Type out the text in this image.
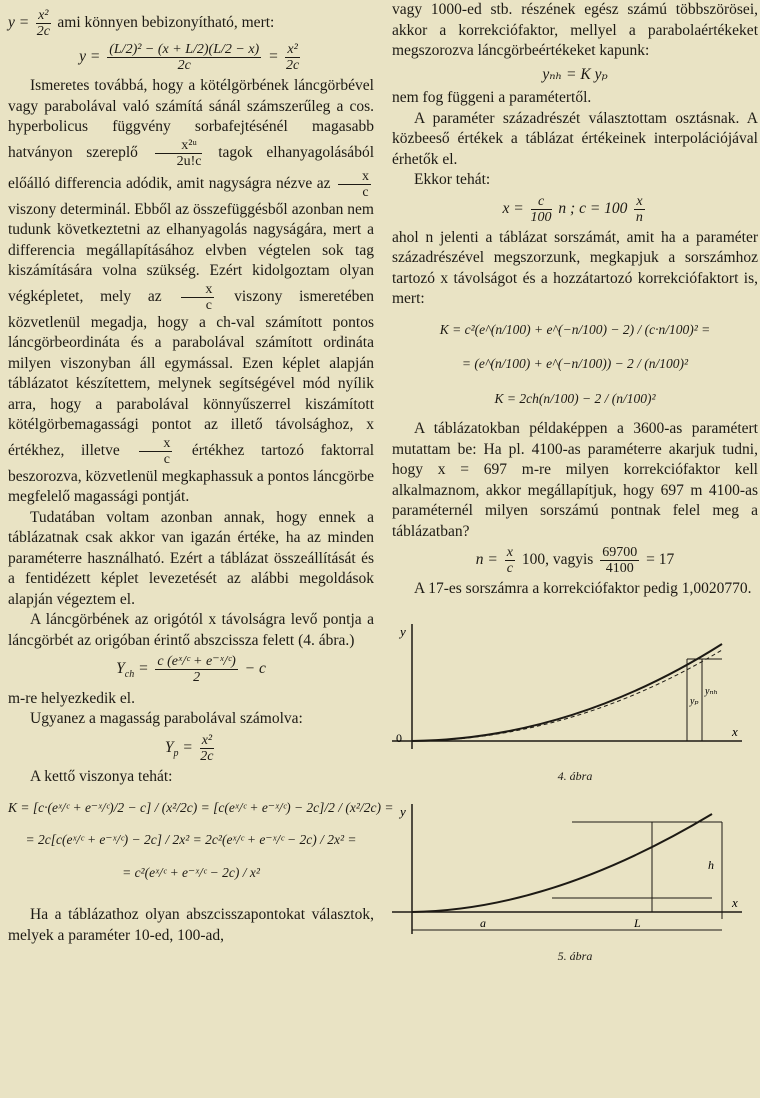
$y = \frac{\text{x²}}{2c}$ ami könnyen bebizonyítható, mert:

$y = \frac{\text{(L/2)² − (x + L/2)(L/2 − x)}}{2c} = \frac{\text{x²}}{2c}$

Ismeretes továbbá, hogy a kötélgörbének láncgörbével vagy parabolával való számítá sánál számszerűleg a cos. hyperbolicus függvény sorbafejtésénél magasabb hatványon szereplő $\frac{\text{x²ᵘ}}{2u!c}$ tagok elhanyagolásából előálló differencia adódik, amit nagyságra nézve az $\frac{x}{c}$
viszony determinál. Ebből az összefüggésből azonban nem tudunk következtetni az elhanyagolás nagyságára, mert a differencia megállapításához elvben végtelen sok tag kiszámítására volna szükség. Ezért kidolgoztam olyan végképletet, mely az $\frac{x}{c}$ viszony ismeretében közvetlenül megadja, hogy a ch-val számított pontos láncgörbeordináta és a parabolával számított ordináta milyen viszonyban áll egymással. Ezen képlet alapján táblázatot készítettem, melynek segítségével mód nyílik arra, hogy a parabolával könnyűszerrel kiszámított kötélgörbemagassági pontot az illető távolsághoz, x értékhez, illetve $\frac{x}{c}$ értékhez tartozó faktorral beszorozva, közvetlenül megkaphassuk a pontos láncgörbe megfelelő magassági pontját.

Tudatában voltam azonban annak, hogy ennek a táblázatnak csak akkor van igazán értéke, ha az minden paraméterre használható. Ezért a táblázat összeállítását és a fentidézett képlet levezetését az alábbi megoldások alapján végeztem el.

A láncgörbének az origótól x távolságra levő pontja a láncgörbét az origóban érintő abszcissza felett (4. ábra.)

$Y_{ch} = \frac{\text{c (eˣ/ᶜ + e⁻ˣ/ᶜ)}}{2} - c$

m-re helyezkedik el.

Ugyanez a magasság parabolával számolva:

$Y_p = \frac{\text{x²}}{2c}$

A kettő viszonya tehát:

K = [c·(eˣ/ᶜ + e⁻ˣ/ᶜ)/2 − c] / (x²/2c) = [c(eˣ/ᶜ + e⁻ˣ/ᶜ) − 2c]/2 / (x²/2c) =

= 2c[c(eˣ/ᶜ + e⁻ˣ/ᶜ) − 2c] / 2x² = 2c²(eˣ/ᶜ + e⁻ˣ/ᶜ − 2c) / 2x² =

= c²(eˣ/ᶜ + e⁻ˣ/ᶜ − 2c) / x²

Ha a táblázathoz olyan abszcisszapontokat választok, melyek a paraméter 10-ed, 100-ad,

vagy 1000-ed stb. részének egész számú többszörösei, akkor a korrekciófaktor, mellyel a parabolaértékeket megszorozva láncgörbeértékeket kapunk:

yₙₕ = K yₚ

nem fog függeni a paramétertől.

A paraméter századrészét választottam osztásnak. A közbeeső értékek a táblázat értékeinek interpolációjával érhetők el.

Ekkor tehát:

$x = \frac{c}{100}$ n ; $c = 100 \frac{x}{n}$

ahol n jelenti a táblázat sorszámát, amit ha a paraméter századrészével megszorzunk, megkapjuk a sorszámhoz tartozó x távolságot és a hozzátartozó korrekciófaktort is, mert:

K = c²(e^(n/100) + e^(−n/100) − 2) / (c·n/100)² =

= (e^(n/100) + e^(−n/100)) − 2 / (n/100)²

K = 2ch(n/100) − 2 / (n/100)²

A táblázatokban példaképpen a 3600-as paramétert mutattam be: Ha pl. 4100-as paraméterre akarjuk tudni, hogy x = 697 m-re milyen korrekciófaktor kell alkalmaznom, akkor megállapítjuk, hogy 697 m 4100-as paraméternél milyen sorszámú pontnak felel meg a táblázatban?

$n = \frac{x}{c} 100$, vagyis $\frac{69700}{4100} = 17$

A 17-es sorszámra a korrekciófaktor pedig 1,0020770.

y
x
0
yₚ
yₙₕ

4. ábra

y
x
a	L
h

5. ábra
